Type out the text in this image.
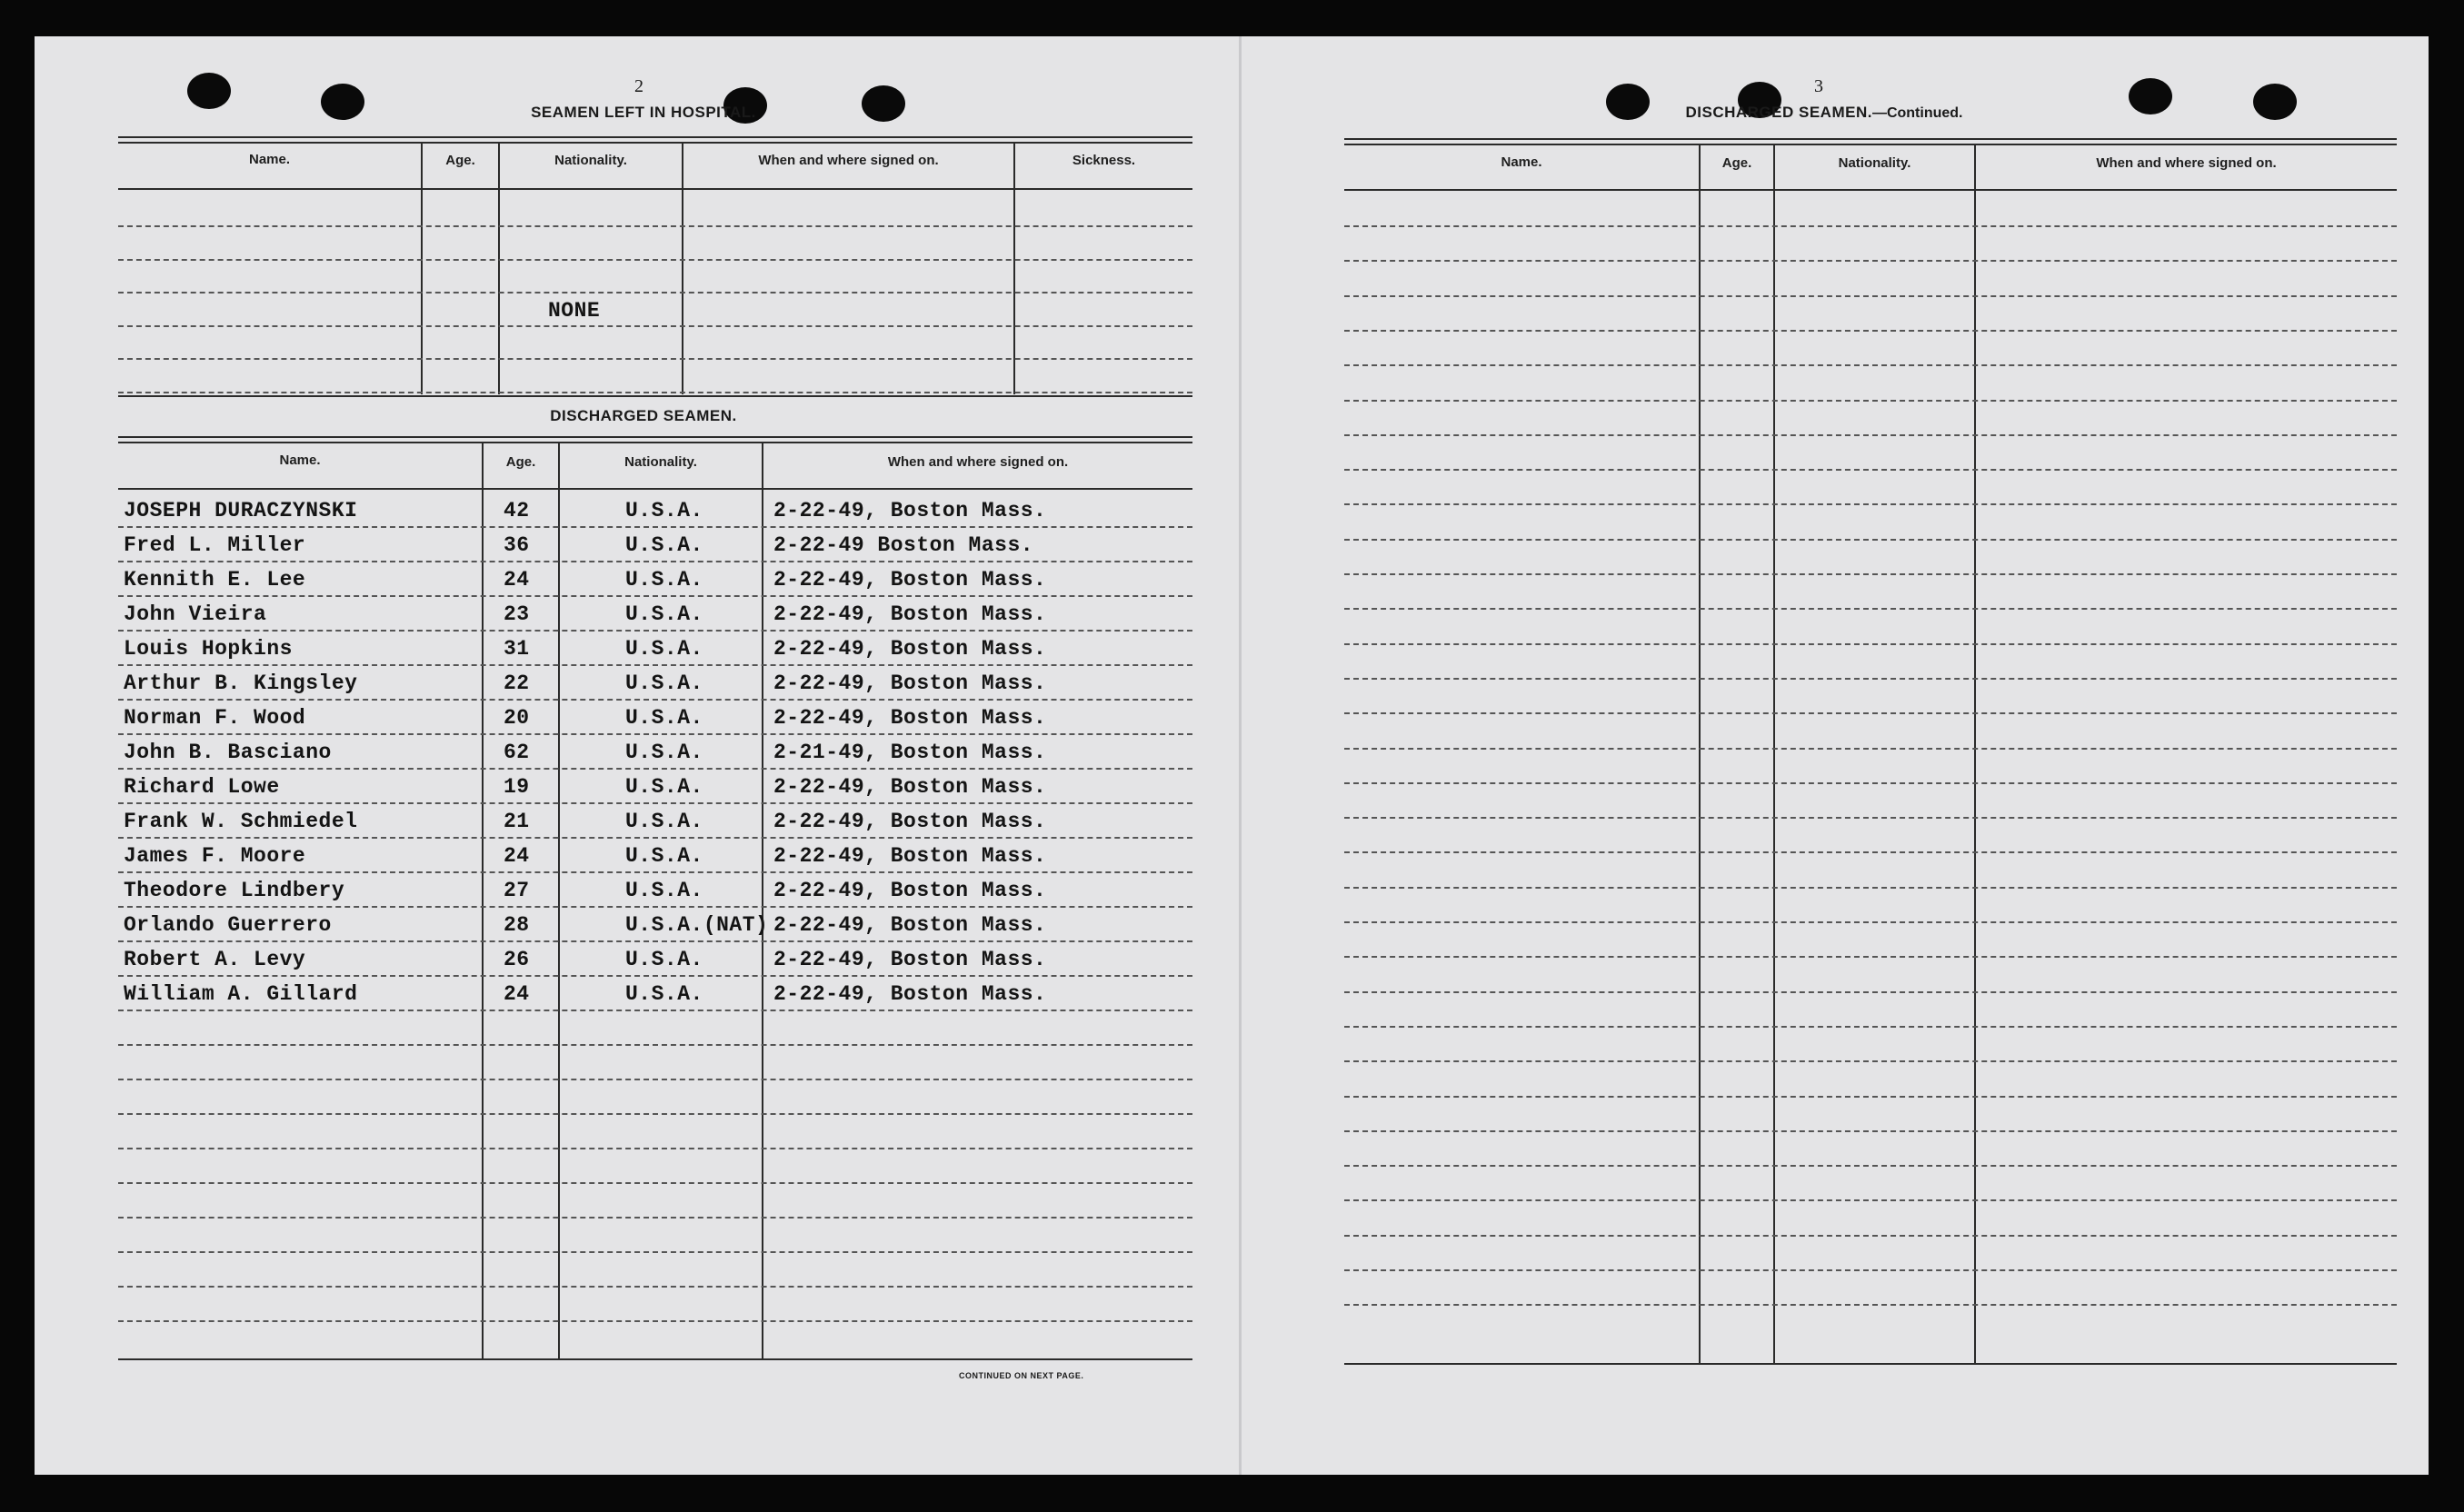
2
SEAMEN LEFT IN HOSPITAL.
Name.	Age.	Nationality.	When and where signed on.	Sickness.
NONE
DISCHARGED SEAMEN.
Name.	Age.	Nationality.	When and where signed on.
JOSEPH DURACZYNSKI	42	U.S.A.	2-22-49, Boston Mass.
Fred L. Miller	36	U.S.A.	2-22-49 Boston Mass.
Kennith E. Lee	24	U.S.A.	2-22-49, Boston Mass.
John Vieira	23	U.S.A.	2-22-49, Boston Mass.
Louis Hopkins	31	U.S.A.	2-22-49, Boston Mass.
Arthur B. Kingsley	22	U.S.A.	2-22-49, Boston Mass.
Norman F. Wood	20	U.S.A.	2-22-49, Boston Mass.
John B. Basciano	62	U.S.A.	2-21-49, Boston Mass.
Richard Lowe	19	U.S.A.	2-22-49, Boston Mass.
Frank W. Schmiedel	21	U.S.A.	2-22-49, Boston Mass.
James F. Moore	24	U.S.A.	2-22-49, Boston Mass.
Theodore Lindbery	27	U.S.A.	2-22-49, Boston Mass.
Orlando Guerrero	28	U.S.A.(NAT) 2-22-49, Boston Mass.
Robert A. Levy	26	U.S.A.	2-22-49, Boston Mass.
William A. Gillard	24	U.S.A.	2-22-49, Boston Mass.
CONTINUED ON NEXT PAGE.
3
DISCHARGED SEAMEN.—Continued.
Name.	Age.	Nationality.	When and where signed on.
